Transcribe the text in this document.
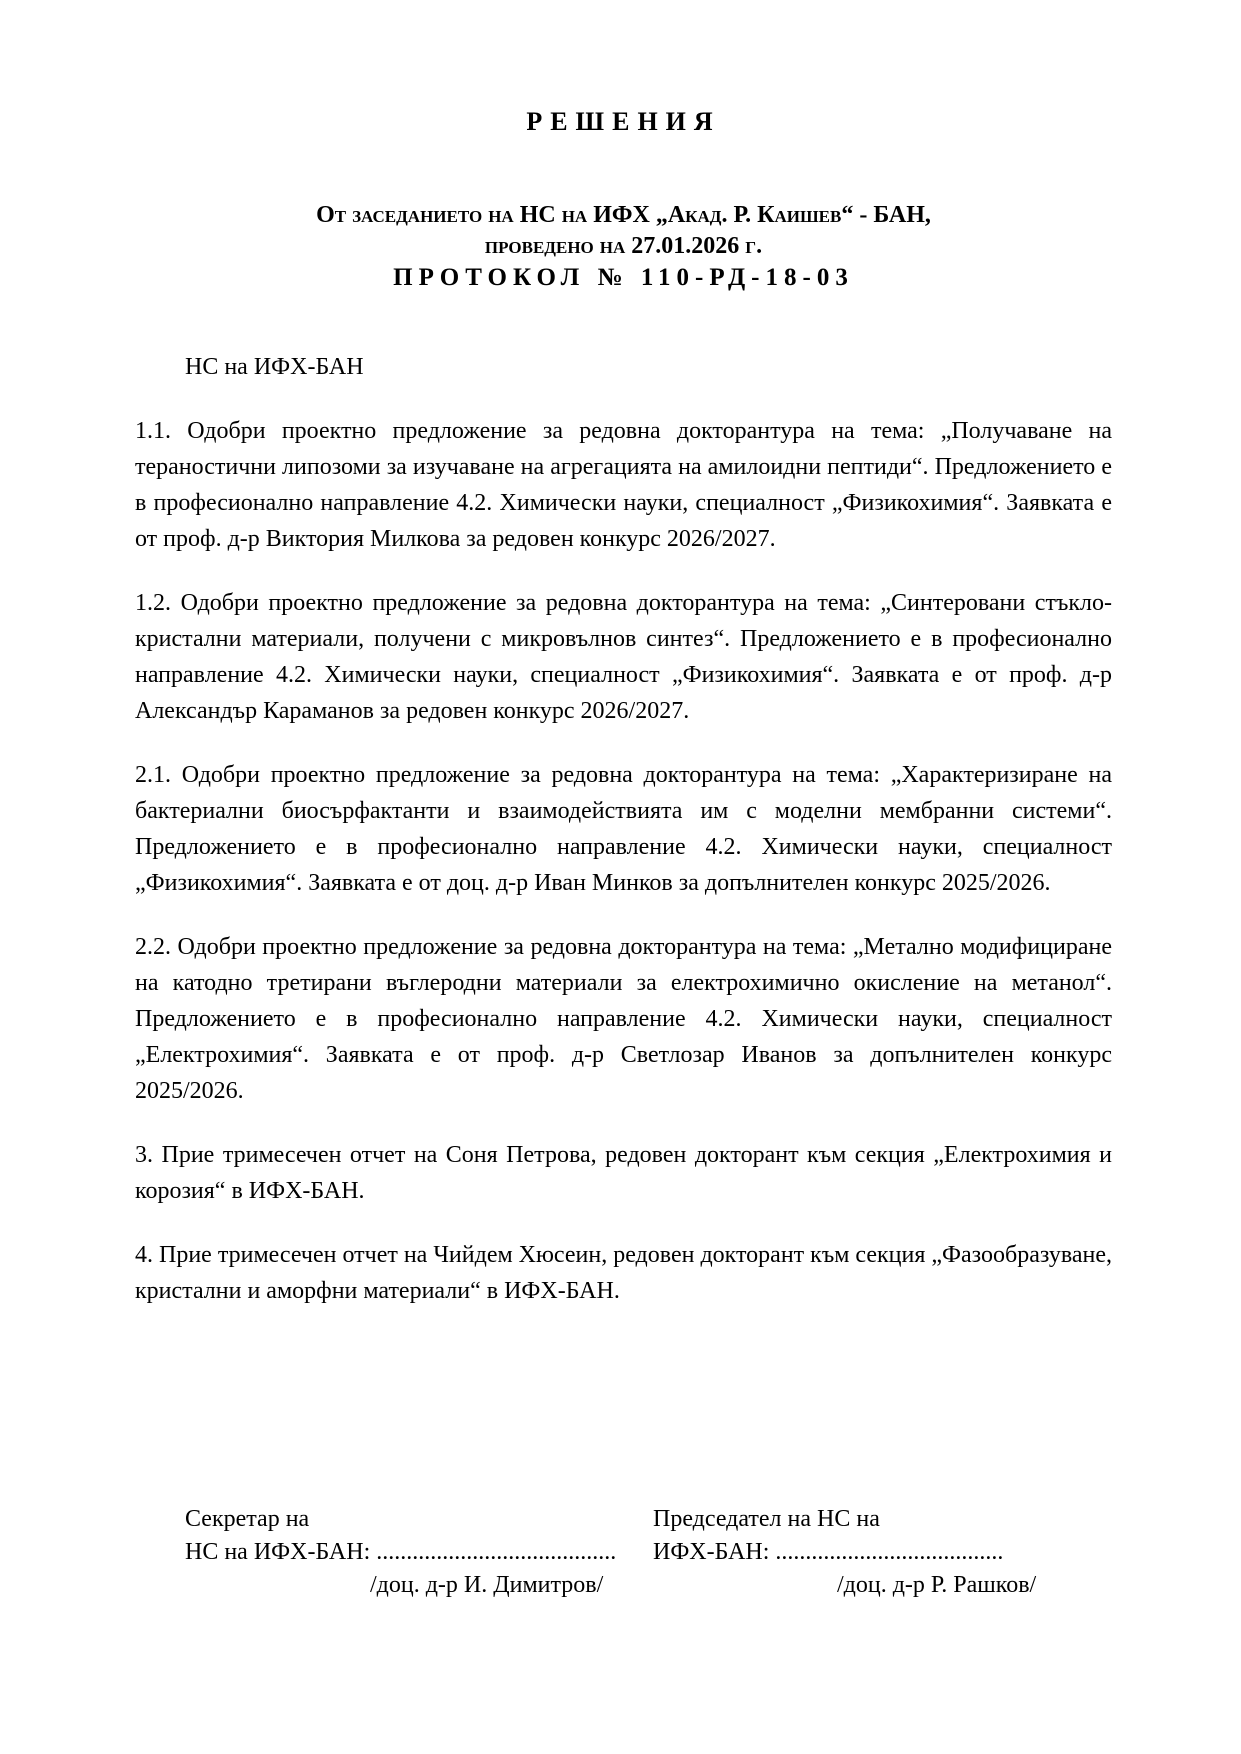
РЕШЕНИЯ
От заседанието на НС на ИФХ „Акад. Р. Каишев“ - БАН,
проведено на 27.01.2026 г.
ПРОТОКОЛ № 110-РД-18-03

НС на ИФХ-БАН

1.1. Одобри проектно предложение за редовна докторантура на тема: „Получаване на тераностични липозоми за изучаване на агрегацията на амилоидни пептиди“. Предложението е в професионално направление 4.2. Химически науки, специалност „Физикохимия“. Заявката е от проф. д-р Виктория Милкова за редовен конкурс 2026/2027.

1.2. Одобри проектно предложение за редовна докторантура на тема: „Синтеровани стъкло-кристални материали, получени с микровълнов синтез“. Предложението е в професионално направление 4.2. Химически науки, специалност „Физикохимия“. Заявката е от проф. д-р Александър Караманов за редовен конкурс 2026/2027.

2.1. Одобри проектно предложение за редовна докторантура на тема: „Характеризиране на бактериални биосърфактанти и взаимодействията им с моделни мембранни системи“. Предложението е в професионално направление 4.2. Химически науки, специалност „Физикохимия“. Заявката е от доц. д-р Иван Минков за допълнителен конкурс 2025/2026.

2.2. Одобри проектно предложение за редовна докторантура на тема: „Метално модифициране на катодно третирани въглеродни материали за електрохимично окисление на метанол“. Предложението е в професионално направление 4.2. Химически науки, специалност „Електрохимия“. Заявката е от проф. д-р Светлозар Иванов за допълнителен конкурс 2025/2026.

3. Прие тримесечен отчет на Соня Петрова, редовен докторант към секция „Електрохимия и корозия“ в ИФХ-БАН.

4. Прие тримесечен отчет на Чийдем Хюсеин, редовен докторант към секция „Фазообразуване, кристални и аморфни материали“ в ИФХ-БАН.

Секретар на
НС на ИФХ-БАН: ........................................
/доц. д-р И. Димитров/
Председател на НС на
ИФХ-БАН: ......................................
/доц. д-р Р. Рашков/
